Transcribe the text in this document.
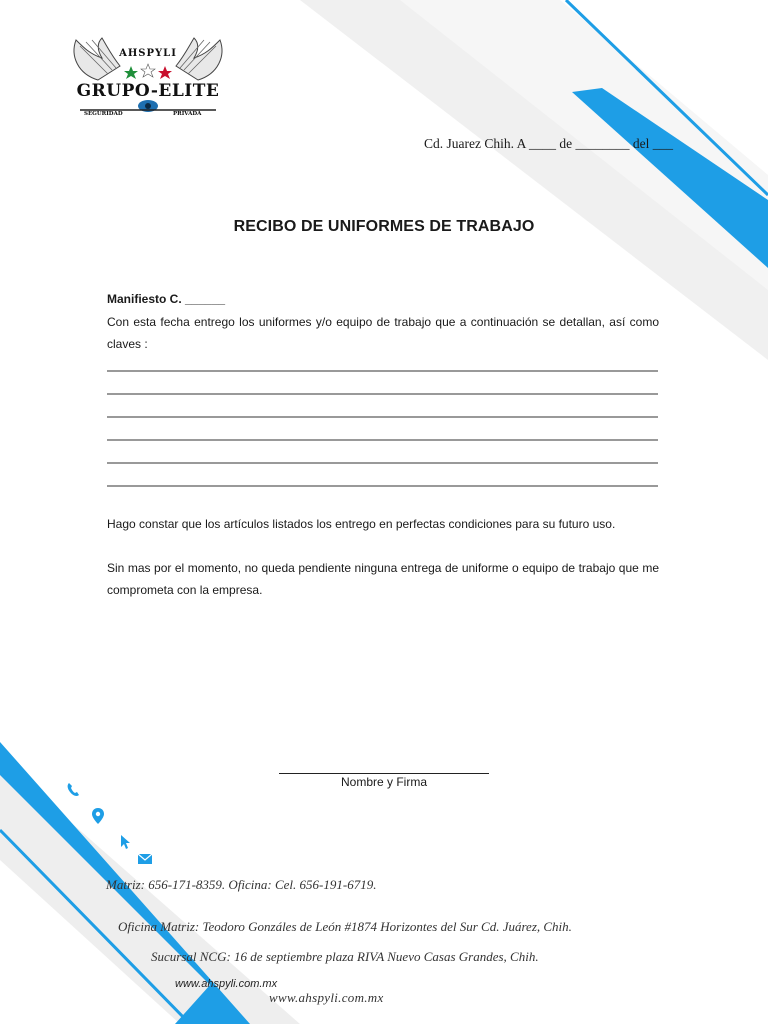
AHSPYLI
GRUPO-ELITE
SEGURIDAD	PRIVADA
Cd. Juarez Chih. A ____ de ________ del ___
RECIBO DE UNIFORMES DE TRABAJO
Manifiesto C. ______
Con esta fecha entrego los uniformes y/o equipo de trabajo que a continuación se detallan, así como claves :
Hago constar que los artículos listados los entrego en perfectas condiciones para su futuro uso.
Sin mas por el momento, no queda pendiente ninguna entrega de uniforme o equipo de trabajo que me comprometa con la empresa.
Nombre y Firma
Matriz: 656-171-8359. Oficina: Cel. 656-191-6719.
Oficina Matriz: Teodoro Gonzáles de León #1874 Horizontes del Sur Cd. Juárez, Chih.
Sucursal NCG: 16 de septiembre plaza RIVA Nuevo Casas Grandes, Chih.
www.ahspyli.com.mx
www.ahspyli.com.mx
